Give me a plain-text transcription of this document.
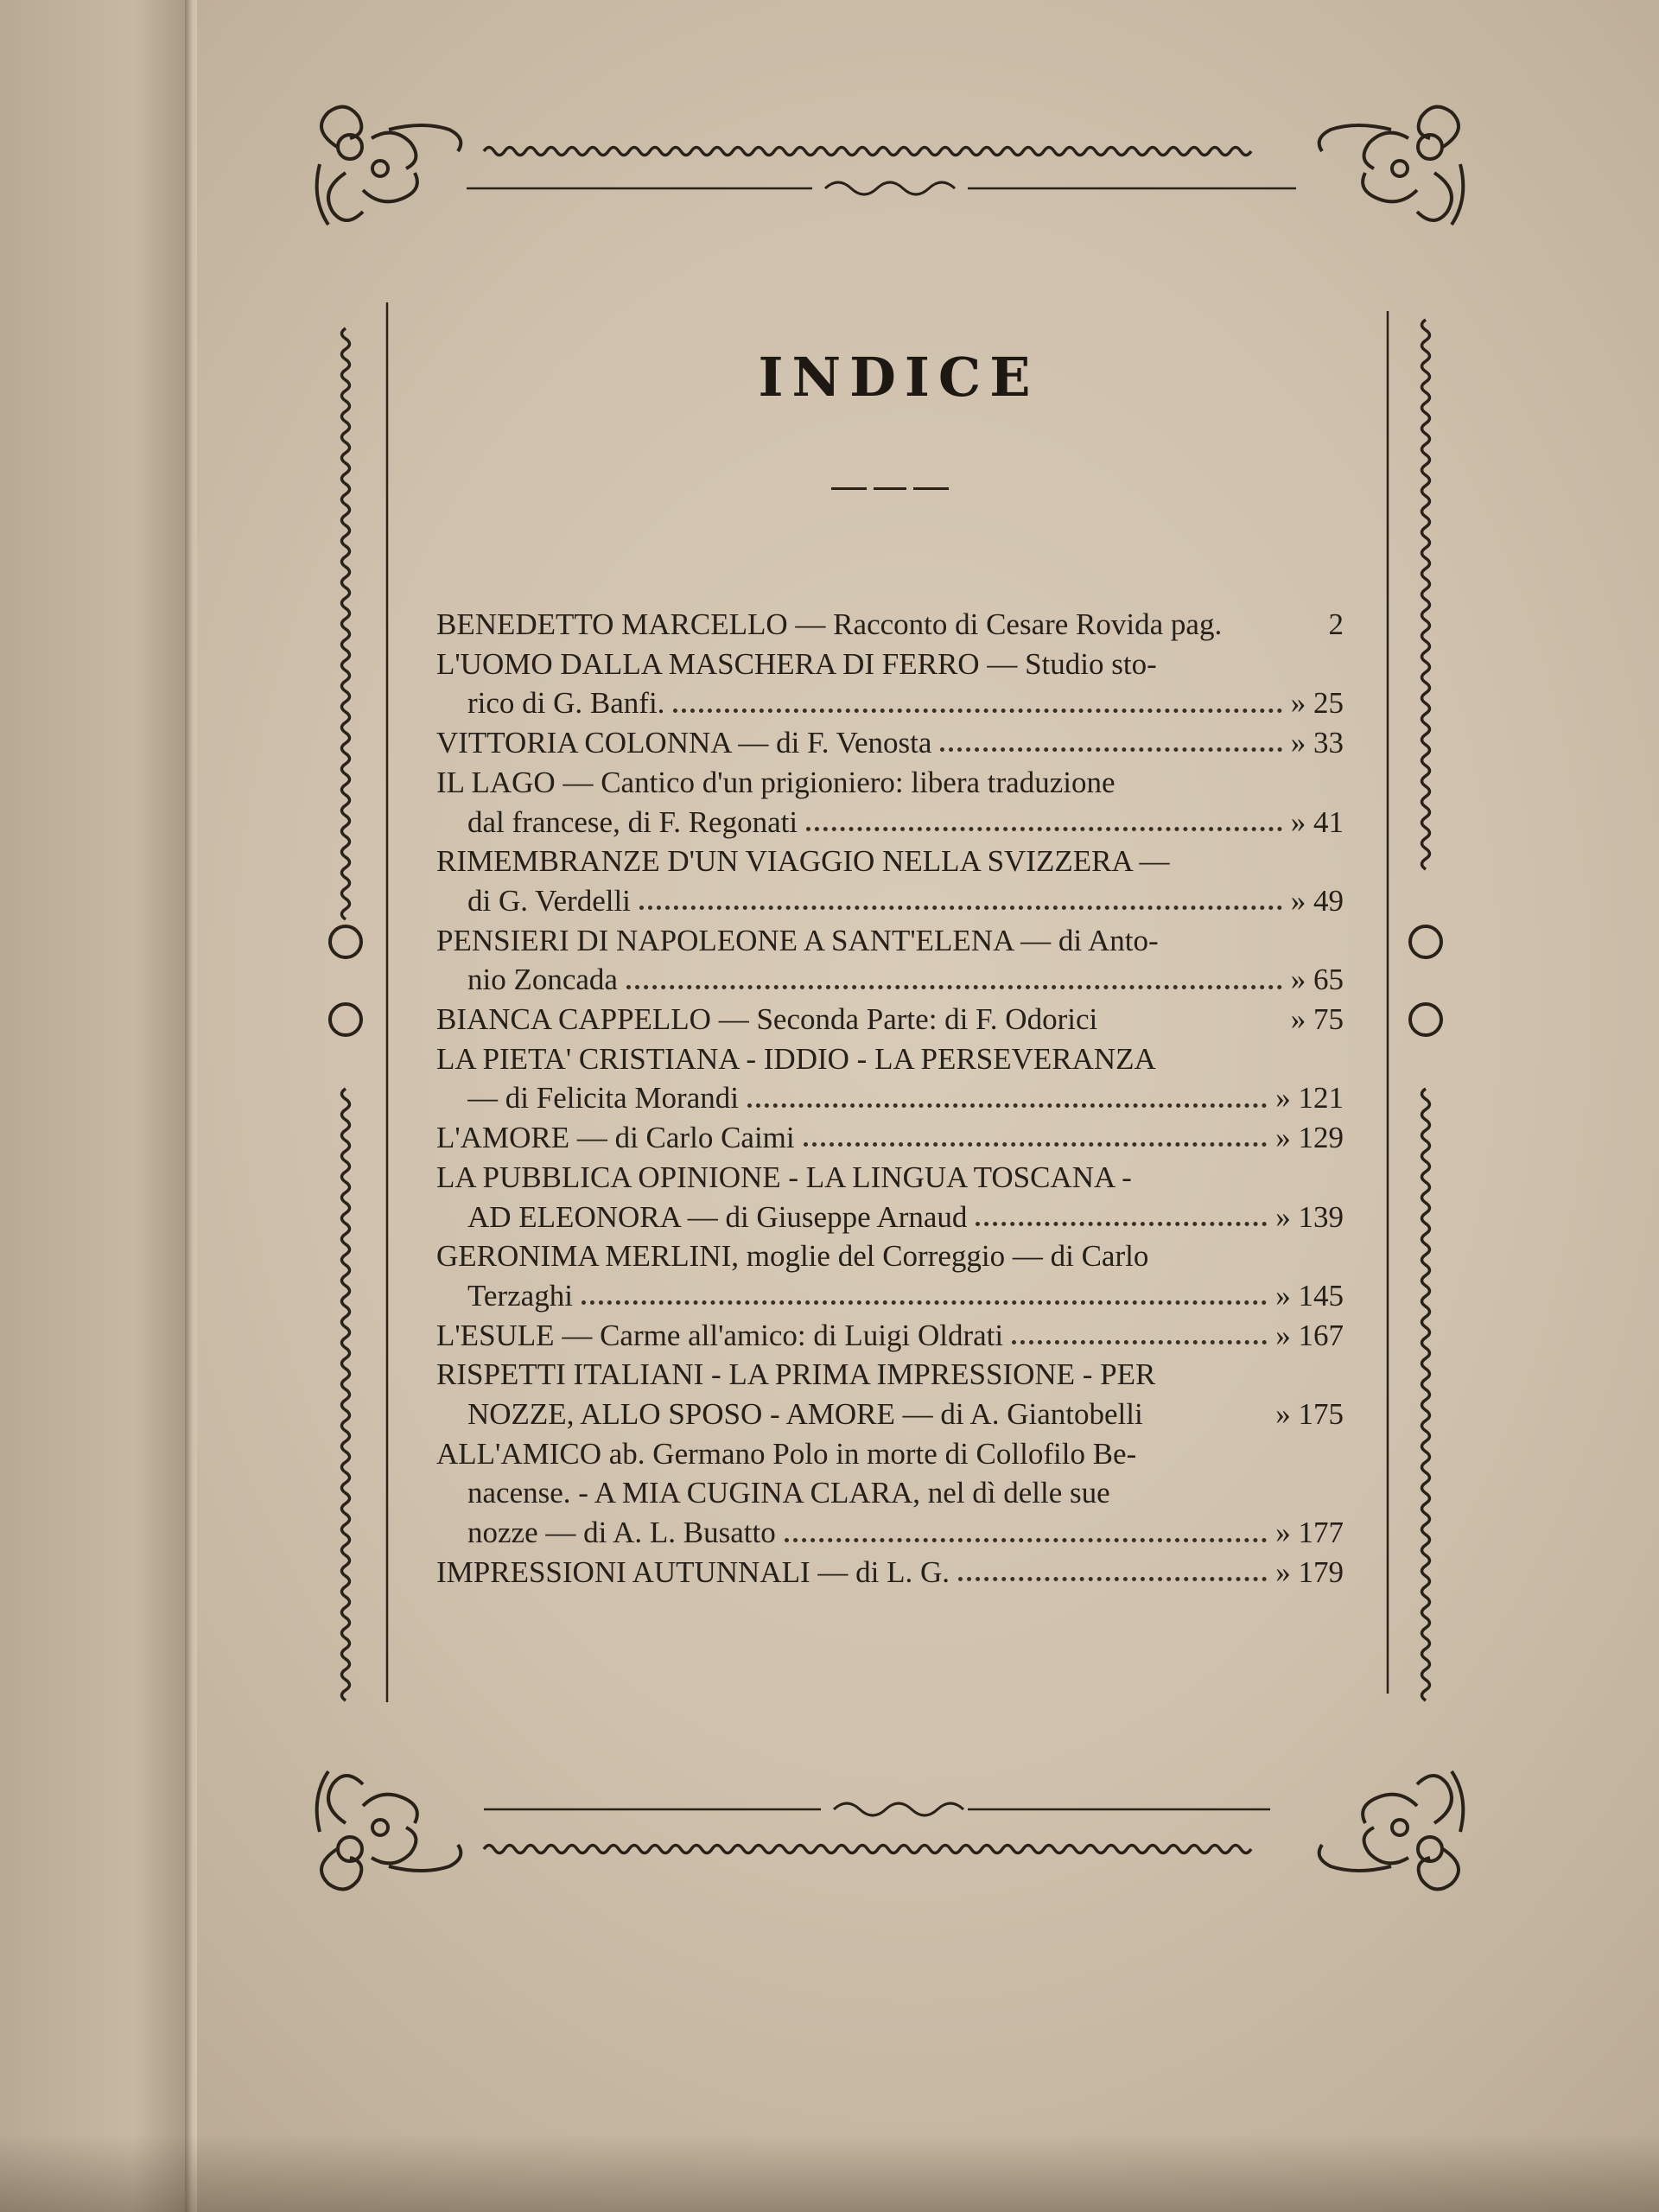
INDICE
BENEDETTO MARCELLO — Racconto di Cesare Rovida pag.	2
L'UOMO DALLA MASCHERA DI FERRO — Studio sto-
rico di G. Banfi.	» 25
VITTORIA COLONNA — di F. Venosta	» 33
IL LAGO — Cantico d'un prigioniero: libera traduzione
dal francese, di F. Regonati	» 41
RIMEMBRANZE D'UN VIAGGIO NELLA SVIZZERA —
di G. Verdelli	» 49
PENSIERI DI NAPOLEONE A SANT'ELENA — di Anto-
nio Zoncada	» 65
BIANCA CAPPELLO — Seconda Parte: di F. Odorici	» 75
LA PIETA' CRISTIANA - IDDIO - LA PERSEVERANZA
— di Felicita Morandi	» 121
L'AMORE — di Carlo Caimi	» 129
LA PUBBLICA OPINIONE - LA LINGUA TOSCANA -
AD ELEONORA — di Giuseppe Arnaud	» 139
GERONIMA MERLINI, moglie del Correggio — di Carlo
Terzaghi	» 145
L'ESULE — Carme all'amico: di Luigi Oldrati	» 167
RISPETTI ITALIANI - LA PRIMA IMPRESSIONE - PER
NOZZE, ALLO SPOSO - AMORE — di A. Giantobelli	» 175
ALL'AMICO ab. Germano Polo in morte di Collofilo Be-
nacense. - A MIA CUGINA CLARA, nel dì delle sue
nozze — di A. L. Busatto	» 177
IMPRESSIONI AUTUNNALI — di L. G.	» 179
